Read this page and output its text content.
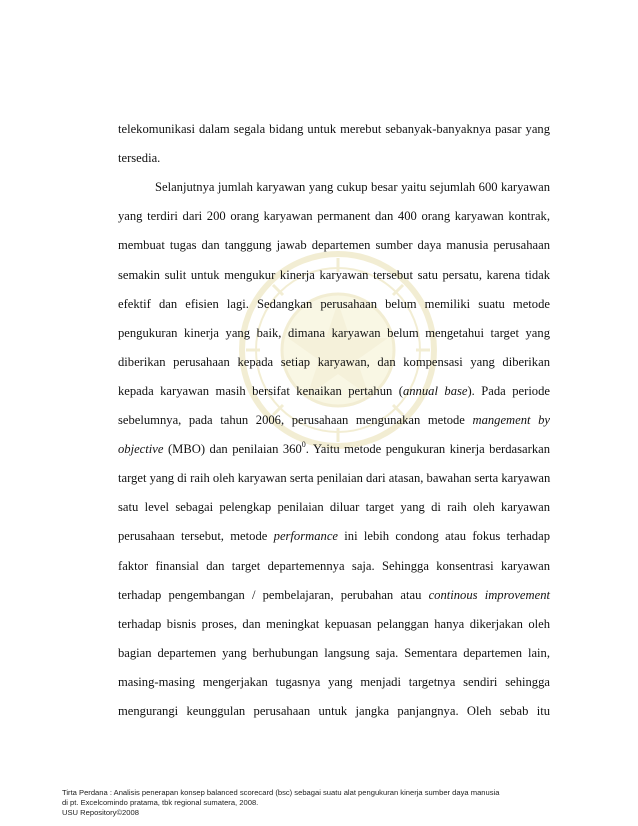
telekomunikasi dalam segala bidang untuk merebut sebanyak-banyaknya pasar yang
tersedia.
Selanjutnya jumlah karyawan yang cukup besar yaitu sejumlah 600 karyawan
yang terdiri dari 200 orang karyawan permanent dan 400 orang karyawan kontrak,
membuat tugas dan tanggung jawab departemen sumber daya manusia perusahaan
semakin sulit untuk mengukur kinerja karyawan tersebut satu persatu, karena tidak
efektif dan efisien lagi. Sedangkan perusahaan belum memiliki suatu metode
pengukuran kinerja yang baik, dimana karyawan belum mengetahui target yang
diberikan perusahaan kepada setiap karyawan, dan kompensasi yang diberikan
kepada karyawan masih bersifat kenaikan pertahun (annual base). Pada periode
sebelumnya, pada tahun 2006, perusahaan mengunakan metode mangement by
objective (MBO) dan penilaian $360^0$. Yaitu metode pengukuran kinerja berdasarkan
target yang di raih oleh karyawan serta penilaian dari atasan, bawahan serta karyawan
satu level sebagai pelengkap penilaian diluar target yang di raih oleh karyawan
perusahaan tersebut, metode performance ini lebih condong atau fokus terhadap
faktor finansial dan target departemennya saja. Sehingga konsentrasi karyawan
terhadap pengembangan / pembelajaran, perubahan atau continous improvement
terhadap bisnis proses, dan meningkat kepuasan pelanggan hanya dikerjakan oleh
bagian departemen yang berhubungan langsung saja. Sementara departemen lain,
masing-masing mengerjakan tugasnya yang menjadi targetnya sendiri sehingga
mengurangi keunggulan perusahaan untuk jangka panjangnya. Oleh sebab itu
Tirta Perdana : Analisis penerapan konsep balanced scorecard (bsc) sebagai suatu alat pengukuran kinerja sumber daya manusia
di pt. Excelcomindo pratama, tbk regional sumatera, 2008.
USU Repository©2008
